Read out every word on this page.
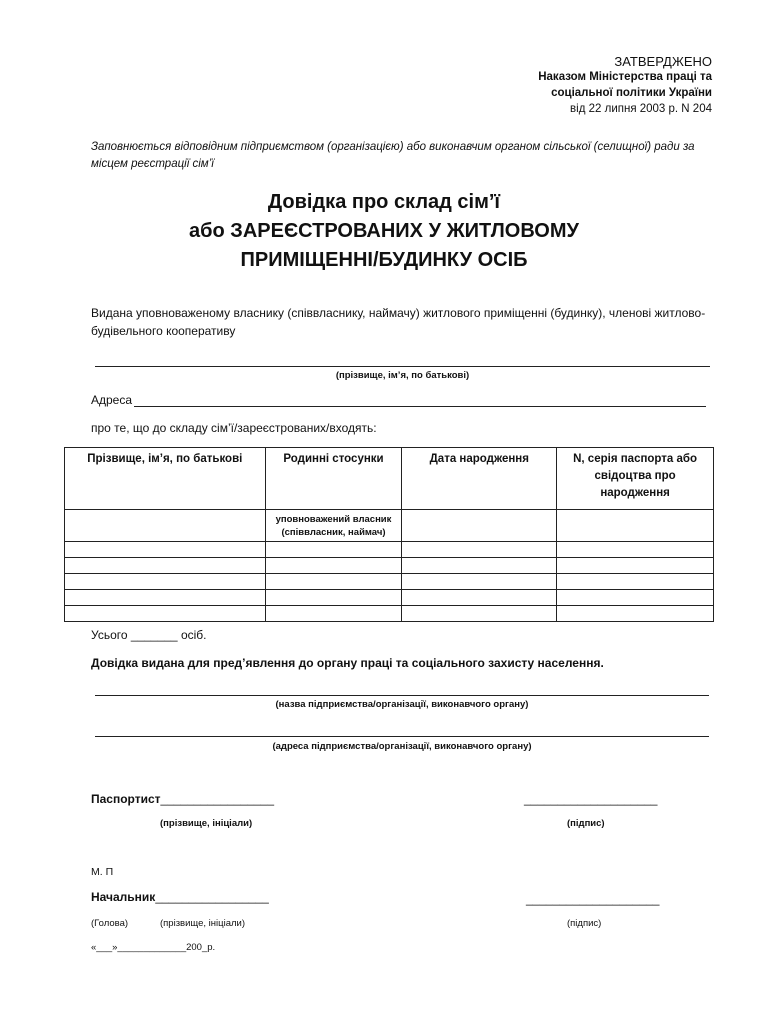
ЗАТВЕРДЖЕНО
Наказом Міністерства праці та
соціальної політики України
від 22 липня 2003 р. N 204
Заповнюється відповідним підприємством (організацією) або виконавчим органом сільської (селищної) ради за місцем реєстрації сім’ї
Довідка про склад сім’ї
або ЗАРЕЄСТРОВАНИХ У ЖИТЛОВОМУ
ПРИМІЩЕННІ/БУДИНКУ ОСІБ
Видана уповноваженому власнику (співвласнику, наймачу) житлового приміщенні (будинку), членові житлово-будівельного кооперативу
(прізвище, ім’я, по батькові)
Адреса
про те, що до складу сім’ї/зареєстрованих/входять:
Прізвище, ім’я, по батькові	Родинні стосунки	Дата народження	N, серія паспорта або свідоцтва про народження
	уповноважений власник (співвласник, наймач)		

Усього _______ осіб.
Довідка видана для пред’явлення до органу праці та соціального захисту населення.
(назва підприємства/організації, виконавчого органу)
(адреса підприємства/організації, виконавчого органу)
Паспортист_________________	____________________
(прізвище, ініціали)	(підпис)
М. П
Начальник_________________	____________________
(Голова)	(прізвище, ініціали)	(підпис)
«___»_____________200_р.
